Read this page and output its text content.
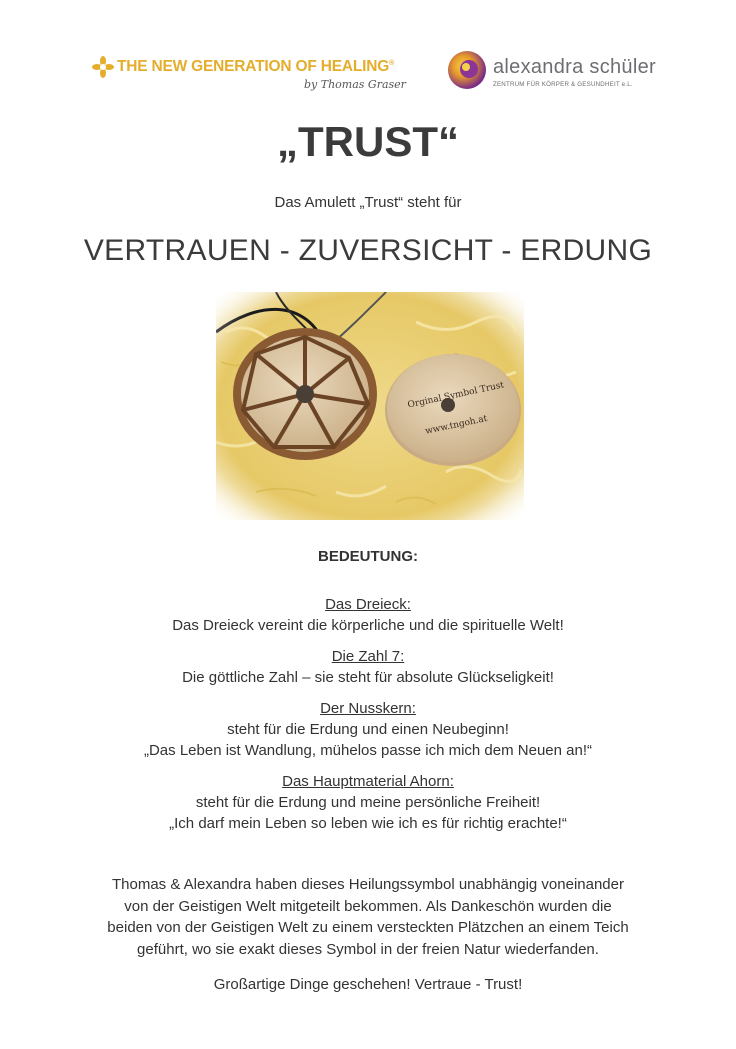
THE NEW GENERATION OF HEALING®
by Thomas Graser
alexandra schüler
ZENTRUM FÜR KÖRPER & GESUNDHEIT e.L.
„TRUST“
Das Amulett „Trust“ steht für
VERTRAUEN - ZUVERSICHT - ERDUNG
BEDEUTUNG:
Das Dreieck:
Das Dreieck vereint die körperliche und die spirituelle Welt!
Die Zahl 7:
Die göttliche Zahl – sie steht für absolute Glückseligkeit!
Der Nusskern:
steht für die Erdung und einen Neubeginn!
„Das Leben ist Wandlung, mühelos passe ich mich dem Neuen an!“
Das Hauptmaterial Ahorn:
steht für die Erdung und meine persönliche Freiheit!
„Ich darf mein Leben so leben wie ich es für richtig erachte!“
Thomas & Alexandra haben dieses Heilungssymbol unabhängig voneinander
von der Geistigen Welt mitgeteilt bekommen. Als Dankeschön wurden die
beiden von der Geistigen Welt zu einem versteckten Plätzchen an einem Teich
geführt, wo sie exakt dieses Symbol in der freien Natur wiederfanden.
Großartige Dinge geschehen! Vertraue - Trust!
